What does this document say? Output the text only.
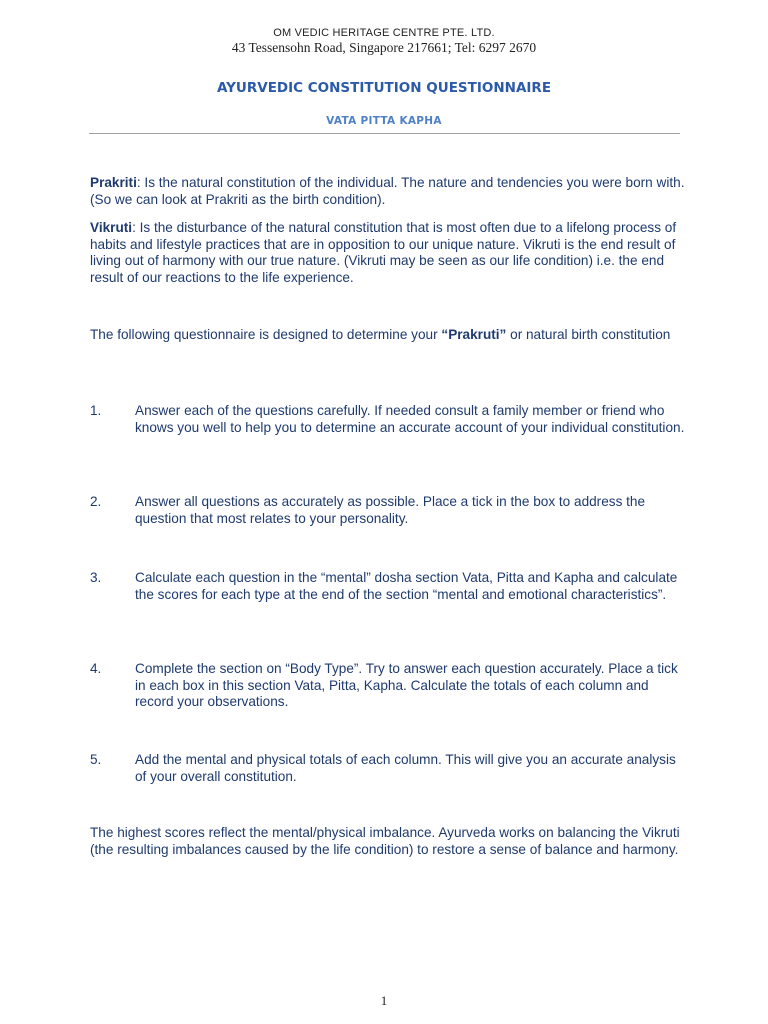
OM VEDIC HERITAGE CENTRE PTE. LTD.
43 Tessensohn Road, Singapore 217661; Tel: 6297 2670
AYURVEDIC CONSTITUTION QUESTIONNAIRE
VATA PITTA KAPHA
Prakriti: Is the natural constitution of the individual. The nature and tendencies you were born with. (So we can look at Prakriti as the birth condition).
Vikruti: Is the disturbance of the natural constitution that is most often due to a lifelong process of habits and lifestyle practices that are in opposition to our unique nature. Vikruti is the end result of living out of harmony with our true nature. (Vikruti may be seen as our life condition) i.e. the end result of our reactions to the life experience.
The following questionnaire is designed to determine your “Prakruti” or natural birth constitution
1. Answer each of the questions carefully. If needed consult a family member or friend who knows you well to help you to determine an accurate account of your individual constitution.
2. Answer all questions as accurately as possible. Place a tick in the box to address the question that most relates to your personality.
3. Calculate each question in the “mental” dosha section Vata, Pitta and Kapha and calculate the scores for each type at the end of the section “mental and emotional characteristics”.
4. Complete the section on “Body Type”. Try to answer each question accurately. Place a tick in each box in this section Vata, Pitta, Kapha. Calculate the totals of each column and record your observations.
5. Add the mental and physical totals of each column. This will give you an accurate analysis of your overall constitution.
The highest scores reflect the mental/physical imbalance. Ayurveda works on balancing the Vikruti (the resulting imbalances caused by the life condition) to restore a sense of balance and harmony.
1
